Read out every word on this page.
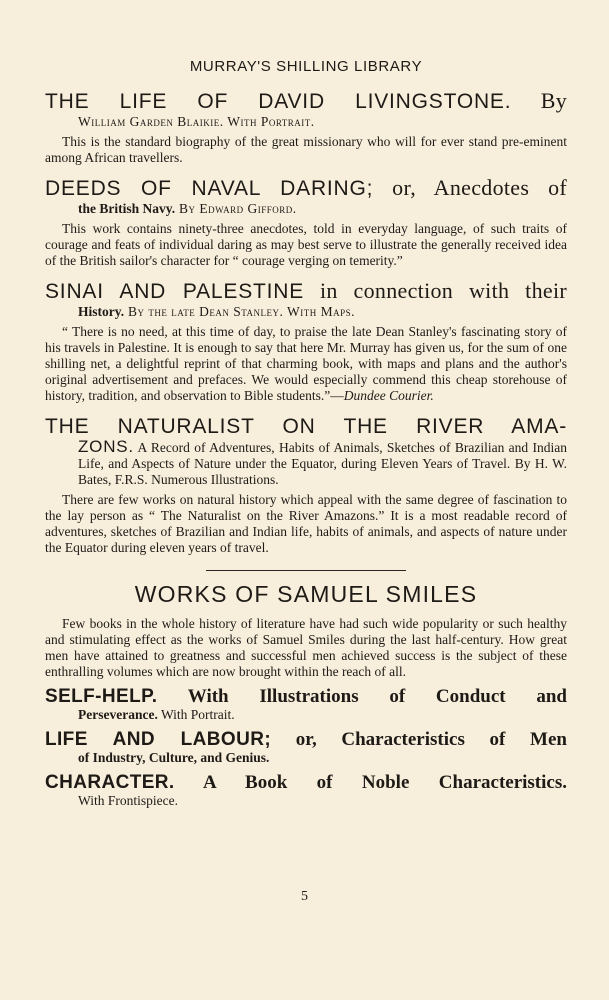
MURRAY'S SHILLING LIBRARY
THE LIFE OF DAVID LIVINGSTONE. By
William Garden Blaikie. With Portrait.
This is the standard biography of the great missionary who will for ever stand pre-eminent among African travellers.
DEEDS OF NAVAL DARING; or, Anecdotes of
the British Navy. By Edward Gifford.
This work contains ninety-three anecdotes, told in everyday language, of such traits of courage and feats of individual daring as may best serve to illustrate the generally received idea of the British sailor's character for “ courage verging on temerity.”
SINAI AND PALESTINE in connection with their
History. By the late Dean Stanley. With Maps.
“ There is no need, at this time of day, to praise the late Dean Stanley's fascinating story of his travels in Palestine. It is enough to say that here Mr. Murray has given us, for the sum of one shilling net, a delightful reprint of that charming book, with maps and plans and the author's original advertisement and prefaces. We would especially commend this cheap storehouse of history, tradition, and observation to Bible students.”—Dundee Courier.
THE NATURALIST ON THE RIVER AMA-
ZONS. A Record of Adventures, Habits of Animals, Sketches of Brazilian and Indian Life, and Aspects of Nature under the Equator, during Eleven Years of Travel. By H. W. Bates, F.R.S. Numerous Illustrations.
There are few works on natural history which appeal with the same degree of fascination to the lay person as “ The Naturalist on the River Amazons.” It is a most readable record of adventures, sketches of Brazilian and Indian life, habits of animals, and aspects of nature under the Equator during eleven years of travel.
WORKS OF SAMUEL SMILES
Few books in the whole history of literature have had such wide popularity or such healthy and stimulating effect as the works of Samuel Smiles during the last half-century. How great men have attained to greatness and successful men achieved success is the subject of these enthralling volumes which are now brought within the reach of all.
SELF-HELP. With Illustrations of Conduct and
Perseverance. With Portrait.
LIFE AND LABOUR; or, Characteristics of Men
of Industry, Culture, and Genius.
CHARACTER. A Book of Noble Characteristics.
With Frontispiece.
5
